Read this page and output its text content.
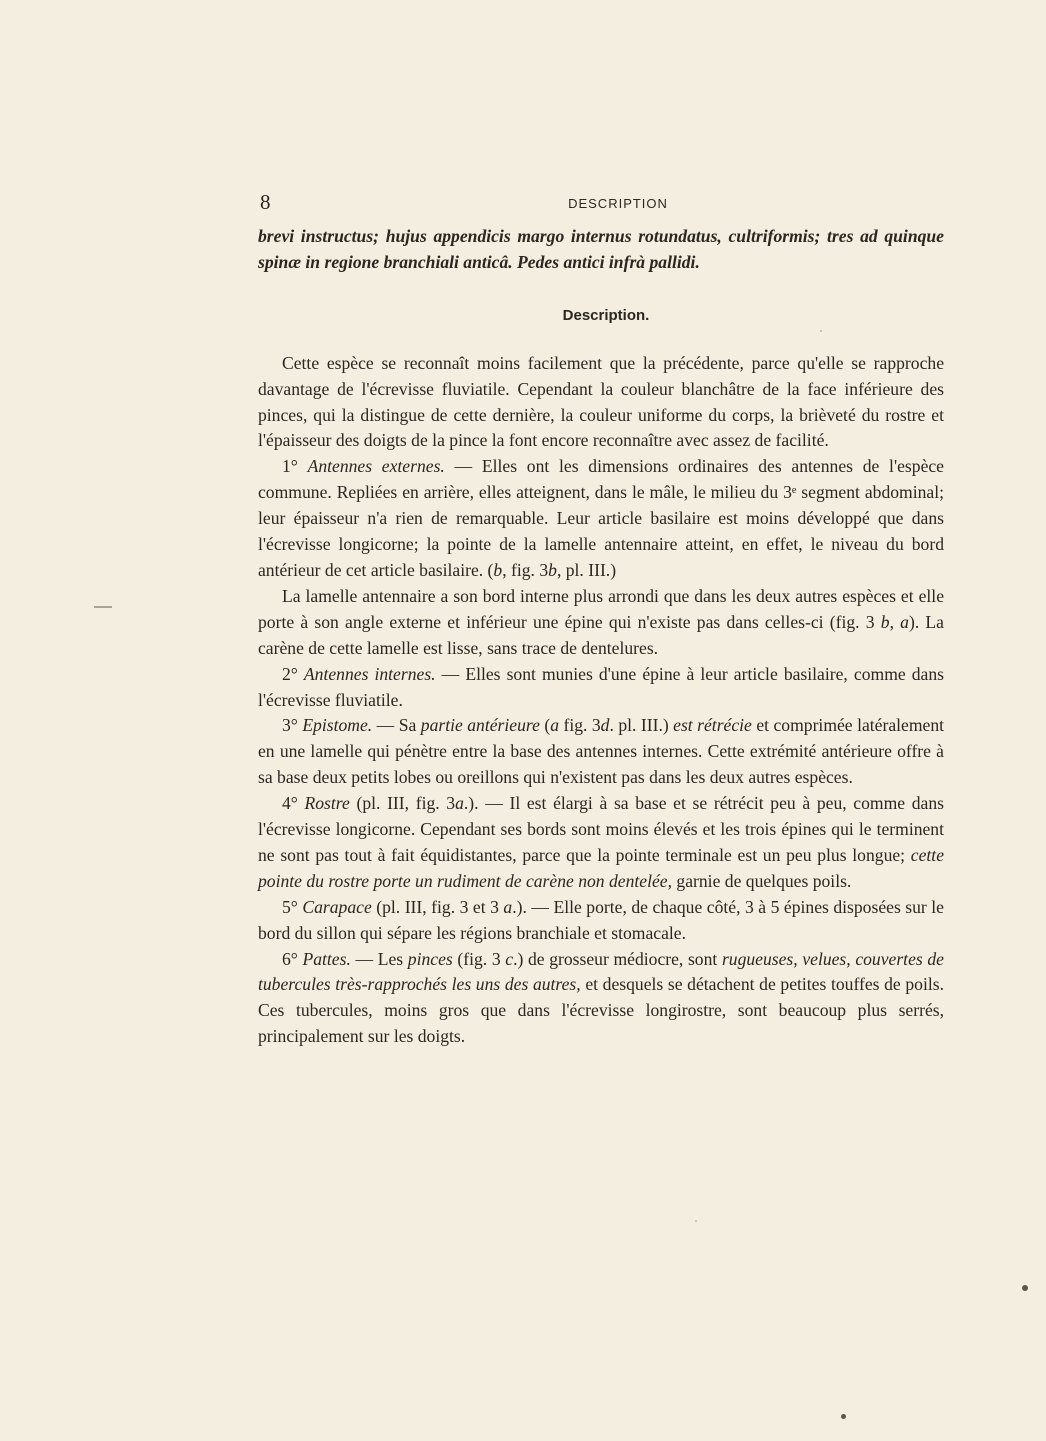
8	DESCRIPTION

brevi instructus; hujus appendicis margo internus rotundatus, cultriformis; tres ad quinque spinæ in regione branchiali anticâ. Pedes antici infrà pallidi.

Description.

Cette espèce se reconnaît moins facilement que la précédente, parce qu'elle se rapproche davantage de l'écrevisse fluviatile. Cependant la couleur blanchâtre de la face inférieure des pinces, qui la distingue de cette dernière, la couleur uniforme du corps, la brièveté du rostre et l'épaisseur des doigts de la pince la font encore reconnaître avec assez de facilité.

1° Antennes externes. — Elles ont les dimensions ordinaires des antennes de l'espèce commune. Repliées en arrière, elles atteignent, dans le mâle, le milieu du 3ᵉ segment abdominal; leur épaisseur n'a rien de remarquable. Leur article basilaire est moins développé que dans l'écrevisse longicorne; la pointe de la lamelle antennaire atteint, en effet, le niveau du bord antérieur de cet article basilaire. (b, fig. 3b, pl. III.)

La lamelle antennaire a son bord interne plus arrondi que dans les deux autres espèces et elle porte à son angle externe et inférieur une épine qui n'existe pas dans celles-ci (fig. 3 b, a). La carène de cette lamelle est lisse, sans trace de dentelures.

2° Antennes internes. — Elles sont munies d'une épine à leur article basilaire, comme dans l'écrevisse fluviatile.

3° Epistome. — Sa partie antérieure (a fig. 3d. pl. III.) est rétrécie et comprimée latéralement en une lamelle qui pénètre entre la base des antennes internes. Cette extrémité antérieure offre à sa base deux petits lobes ou oreillons qui n'existent pas dans les deux autres espèces.

4° Rostre (pl. III, fig. 3a.). — Il est élargi à sa base et se rétrécit peu à peu, comme dans l'écrevisse longicorne. Cependant ses bords sont moins élevés et les trois épines qui le terminent ne sont pas tout à fait équidistantes, parce que la pointe terminale est un peu plus longue; cette pointe du rostre porte un rudiment de carène non dentelée, garnie de quelques poils.

5° Carapace (pl. III, fig. 3 et 3 a.). — Elle porte, de chaque côté, 3 à 5 épines disposées sur le bord du sillon qui sépare les régions branchiale et stomacale.

6° Pattes. — Les pinces (fig. 3 c.) de grosseur médiocre, sont rugueuses, velues, couvertes de tubercules très-rapprochés les uns des autres, et desquels se détachent de petites touffes de poils. Ces tubercules, moins gros que dans l'écrevisse longirostre, sont beaucoup plus serrés, principalement sur les doigts.
